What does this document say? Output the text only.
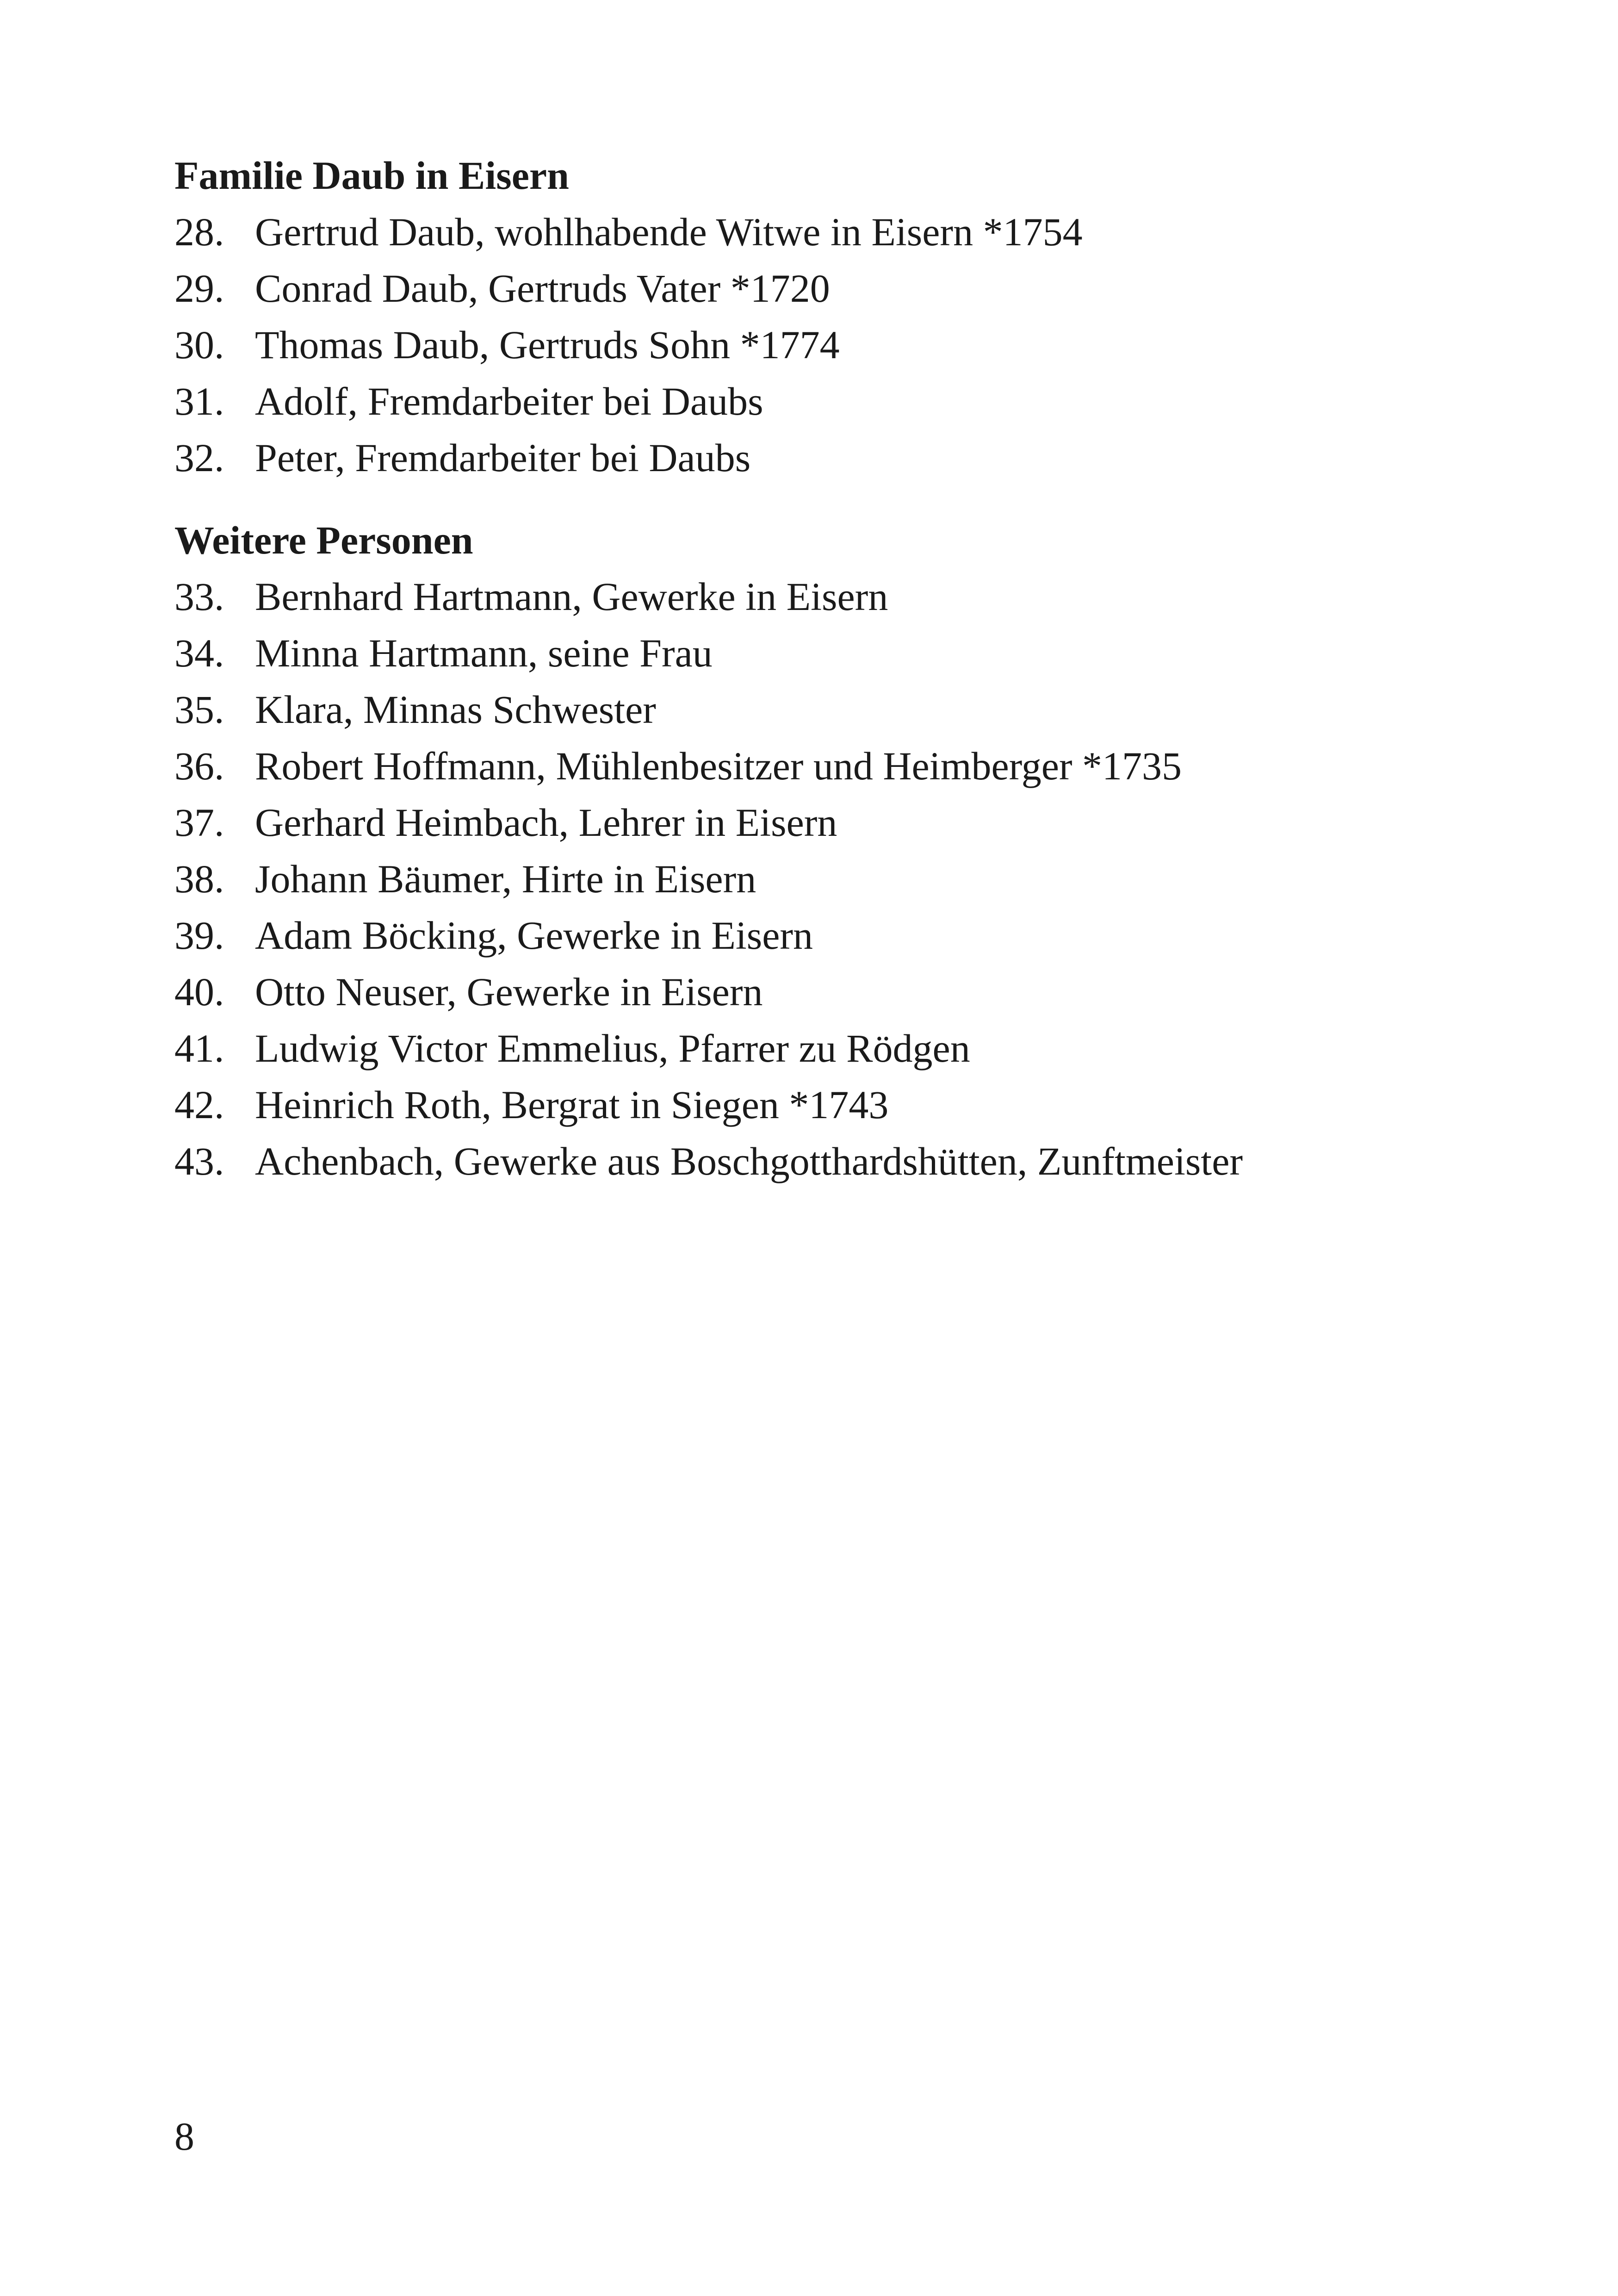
Familie Daub in Eisern
28. Gertrud Daub, wohlhabende Witwe in Eisern *1754
29. Conrad Daub, Gertruds Vater *1720
30. Thomas Daub, Gertruds Sohn *1774
31. Adolf, Fremdarbeiter bei Daubs
32. Peter, Fremdarbeiter bei Daubs
Weitere Personen
33. Bernhard Hartmann, Gewerke in Eisern
34. Minna Hartmann, seine Frau
35. Klara, Minnas Schwester
36. Robert Hoffmann, Mühlenbesitzer und Heimberger *1735
37. Gerhard Heimbach, Lehrer in Eisern
38. Johann Bäumer, Hirte in Eisern
39. Adam Böcking, Gewerke in Eisern
40. Otto Neuser, Gewerke in Eisern
41. Ludwig Victor Emmelius, Pfarrer zu Rödgen
42. Heinrich Roth, Bergrat in Siegen *1743
43. Achenbach, Gewerke aus Boschgotthardshütten, Zunftmeister
8
